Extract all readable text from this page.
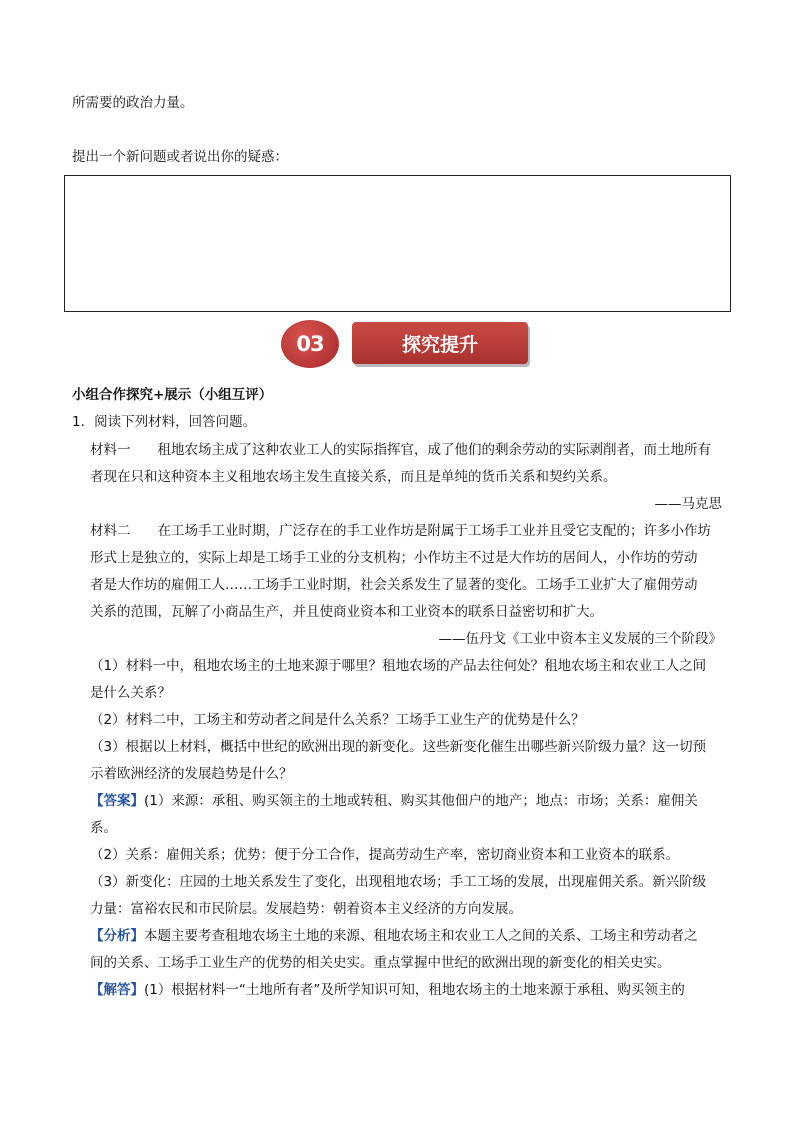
所需要的政治力量。
提出一个新问题或者说出你的疑惑：
03	探究提升
小组合作探究+展示（小组互评）
1．阅读下列材料，回答问题。
材料一　　租地农场主成了这种农业工人的实际指挥官，成了他们的剩余劳动的实际剥削者，而土地所有
者现在只和这种资本主义租地农场主发生直接关系，而且是单纯的货币关系和契约关系。
——马克思
材料二　　在工场手工业时期，广泛存在的手工业作坊是附属于工场手工业并且受它支配的；许多小作坊
形式上是独立的，实际上却是工场手工业的分支机构；小作坊主不过是大作坊的居间人，小作坊的劳动
者是大作坊的雇佣工人……工场手工业时期，社会关系发生了显著的变化。工场手工业扩大了雇佣劳动
关系的范围，瓦解了小商品生产，并且使商业资本和工业资本的联系日益密切和扩大。
——伍丹戈《工业中资本主义发展的三个阶段》
（1）材料一中，租地农场主的土地来源于哪里？租地农场的产品去往何处？租地农场主和农业工人之间
是什么关系？
（2）材料二中，工场主和劳动者之间是什么关系？工场手工业生产的优势是什么？
（3）根据以上材料，概括中世纪的欧洲出现的新变化。这些新变化催生出哪些新兴阶级力量？这一切预
示着欧洲经济的发展趋势是什么？
【答案】(1）来源：承租、购买领主的土地或转租、购买其他佃户的地产；地点：市场；关系：雇佣关
系。
（2）关系：雇佣关系；优势：便于分工合作，提高劳动生产率，密切商业资本和工业资本的联系。
（3）新变化：庄园的土地关系发生了变化，出现租地农场；手工工场的发展，出现雇佣关系。新兴阶级
力量：富裕农民和市民阶层。发展趋势：朝着资本主义经济的方向发展。
【分析】本题主要考查租地农场主土地的来源、租地农场主和农业工人之间的关系、工场主和劳动者之
间的关系、工场手工业生产的优势的相关史实。重点掌握中世纪的欧洲出现的新变化的相关史实。
【解答】(1）根据材料一“土地所有者”及所学知识可知，租地农场主的土地来源于承租、购买领主的
